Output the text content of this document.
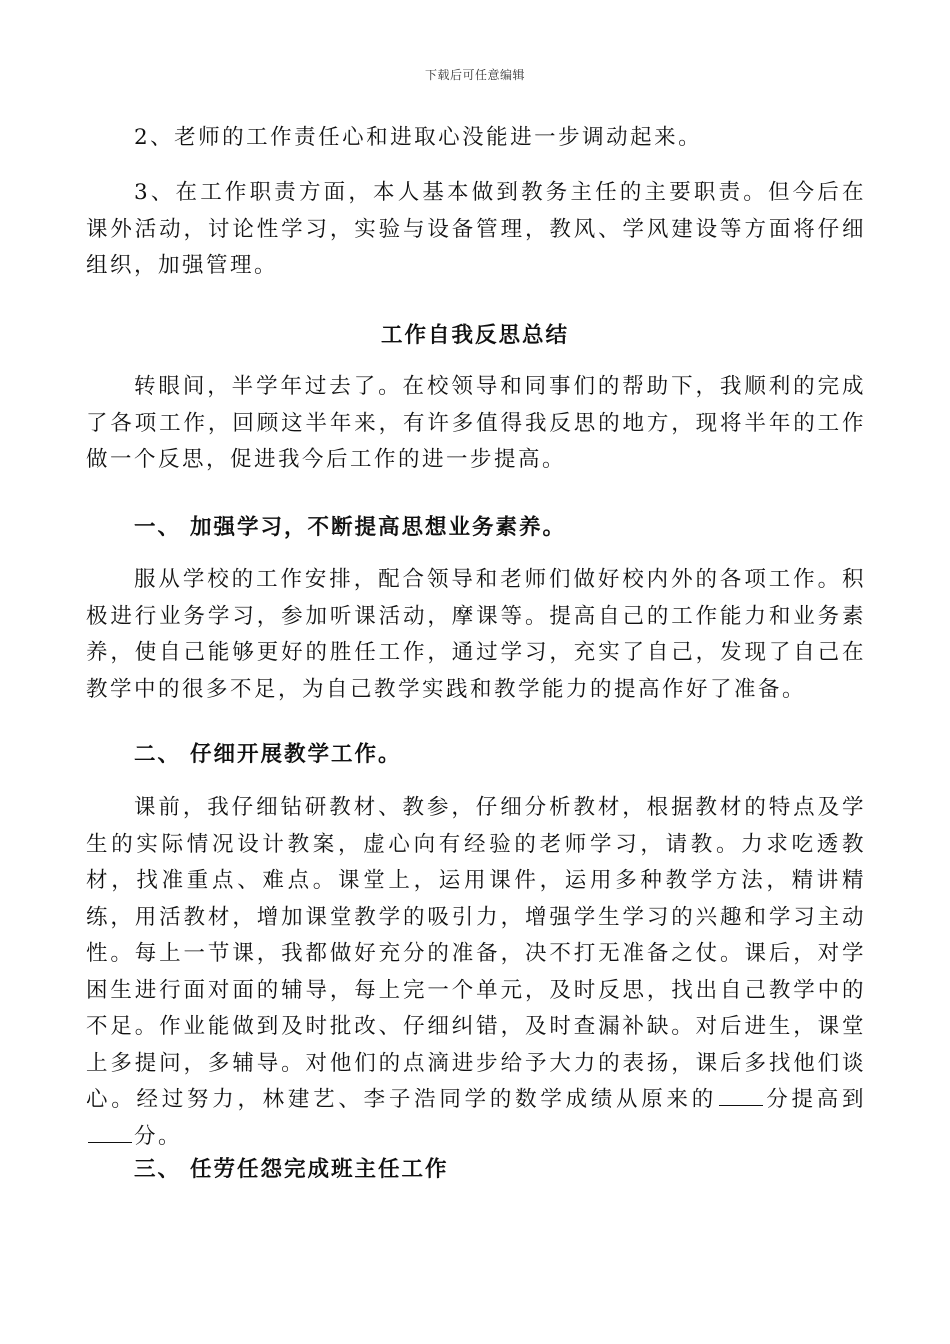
下载后可任意编辑
2、老师的工作责任心和进取心没能进一步调动起来。
3、在工作职责方面，本人基本做到教务主任的主要职责。但今后在课外活动，讨论性学习，实验与设备管理，教风、学风建设等方面将仔细组织，加强管理。
工作自我反思总结
转眼间，半学年过去了。在校领导和同事们的帮助下，我顺利的完成了各项工作，回顾这半年来，有许多值得我反思的地方，现将半年的工作做一个反思，促进我今后工作的进一步提高。
一、 加强学习，不断提高思想业务素养。
服从学校的工作安排，配合领导和老师们做好校内外的各项工作。积极进行业务学习，参加听课活动，摩课等。提高自己的工作能力和业务素养，使自己能够更好的胜任工作，通过学习，充实了自己，发现了自己在教学中的很多不足，为自己教学实践和教学能力的提高作好了准备。
二、 仔细开展教学工作。
课前，我仔细钻研教材、教参，仔细分析教材，根据教材的特点及学生的实际情况设计教案，虚心向有经验的老师学习，请教。力求吃透教材，找准重点、难点。课堂上，运用课件，运用多种教学方法，精讲精练，用活教材，增加课堂教学的吸引力，增强学生学习的兴趣和学习主动性。每上一节课，我都做好充分的准备，决不打无准备之仗。课后，对学困生进行面对面的辅导，每上完一个单元，及时反思，找出自己教学中的不足。作业能做到及时批改、仔细纠错，及时查漏补缺。对后进生，课堂上多提问，多辅导。对他们的点滴进步给予大力的表扬，课后多找他们谈心。经过努力，林建艺、李子浩同学的数学成绩从原来的 分提高到分。
三、 任劳任怨完成班主任工作
